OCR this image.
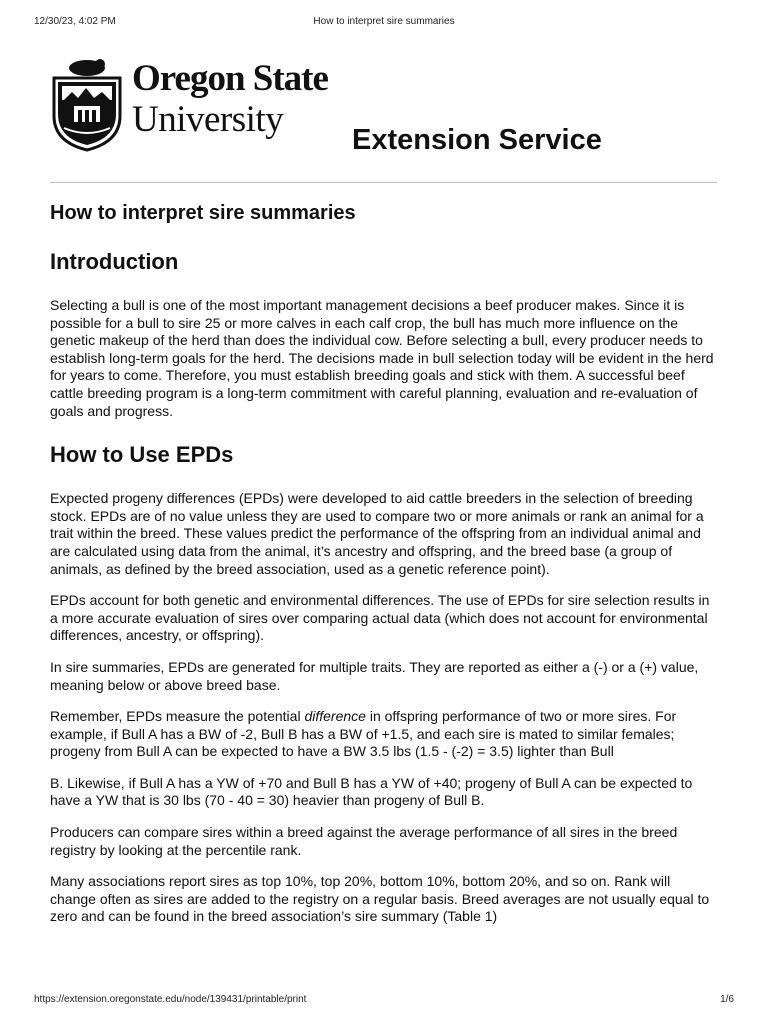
12/30/23, 4:02 PM	How to interpret sire summaries
Oregon State
University	Extension Service
How to interpret sire summaries
Introduction

Selecting a bull is one of the most important management decisions a beef producer makes. Since it is possible for a bull to sire 25 or more calves in each calf crop, the bull has much more influence on the genetic makeup of the herd than does the individual cow. Before selecting a bull, every producer needs to establish long-term goals for the herd. The decisions made in bull selection today will be evident in the herd for years to come. Therefore, you must establish breeding goals and stick with them. A successful beef cattle breeding program is a long-term commitment with careful planning, evaluation and re-evaluation of goals and progress.

How to Use EPDs

Expected progeny differences (EPDs) were developed to aid cattle breeders in the selection of breeding stock. EPDs are of no value unless they are used to compare two or more animals or rank an animal for a trait within the breed. These values predict the performance of the offspring from an individual animal and are calculated using data from the animal, it’s ancestry and offspring, and the breed base (a group of animals, as defined by the breed association, used as a genetic reference point).

EPDs account for both genetic and environmental differences. The use of EPDs for sire selection results in a more accurate evaluation of sires over comparing actual data (which does not account for environmental differences, ancestry, or offspring).

In sire summaries, EPDs are generated for multiple traits. They are reported as either a (-) or a (+) value, meaning below or above breed base.

Remember, EPDs measure the potential difference in offspring performance of two or more sires. For example, if Bull A has a BW of -2, Bull B has a BW of +1.5, and each sire is mated to similar females; progeny from Bull A can be expected to have a BW 3.5 lbs (1.5 - (-2) = 3.5) lighter than Bull

B. Likewise, if Bull A has a YW of +70 and Bull B has a YW of +40; progeny of Bull A can be expected to have a YW that is 30 lbs (70 - 40 = 30) heavier than progeny of Bull B.

Producers can compare sires within a breed against the average performance of all sires in the breed registry by looking at the percentile rank.

Many associations report sires as top 10%, top 20%, bottom 10%, bottom 20%, and so on. Rank will change often as sires are added to the registry on a regular basis. Breed averages are not usually equal to zero and can be found in the breed association’s sire summary (Table 1)

https://extension.oregonstate.edu/node/139431/printable/print	1/6
